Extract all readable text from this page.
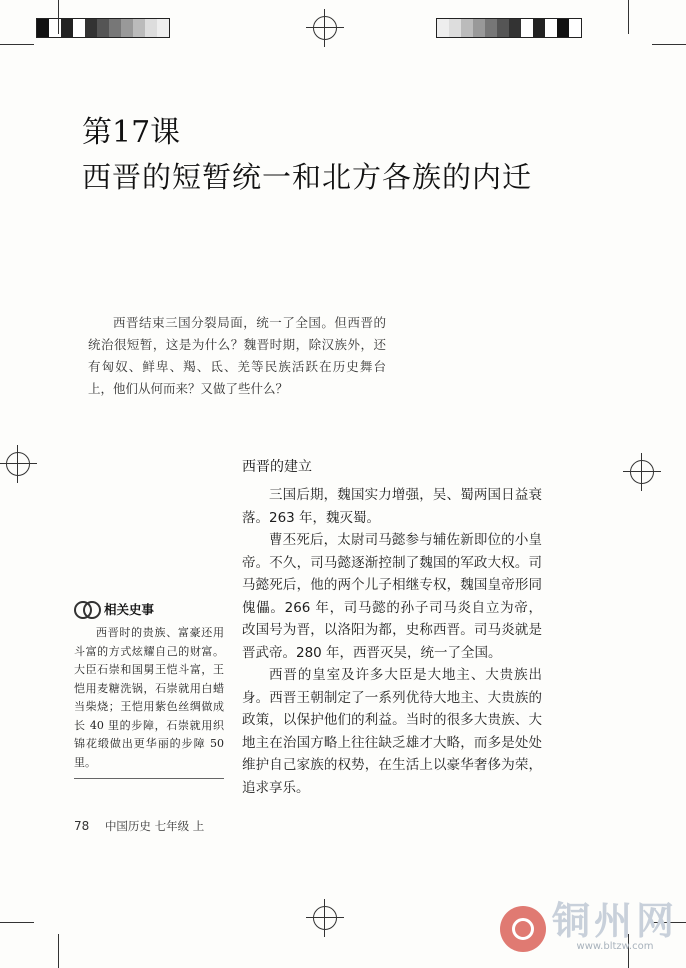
第17课
西晋的短暂统一和北方各族的内迁
西晋结束三国分裂局面，统一了全国。但西晋的统治很短暂，这是为什么？魏晋时期，除汉族外，还有匈奴、鲜卑、羯、氐、羌等民族活跃在历史舞台上，他们从何而来？又做了些什么？
西晋的建立

三国后期，魏国实力增强，吴、蜀两国日益衰落。263 年，魏灭蜀。

曹丕死后，太尉司马懿参与辅佐新即位的小皇帝。不久，司马懿逐渐控制了魏国的军政大权。司马懿死后，他的两个儿子相继专权，魏国皇帝形同傀儡。266 年，司马懿的孙子司马炎自立为帝，改国号为晋，以洛阳为都，史称西晋。司马炎就是晋武帝。280 年，西晋灭吴，统一了全国。

西晋的皇室及许多大臣是大地主、大贵族出身。西晋王朝制定了一系列优待大地主、大贵族的政策，以保护他们的利益。当时的很多大贵族、大地主在治国方略上往往缺乏雄才大略，而多是处处维护自己家族的权势，在生活上以豪华奢侈为荣，追求享乐。

相关史事
西晋时的贵族、富豪还用斗富的方式炫耀自己的财富。大臣石崇和国舅王恺斗富，王恺用麦糖洗锅，石崇就用白蜡当柴烧；王恺用紫色丝绸做成长 40 里的步障，石崇就用织锦花缎做出更华丽的步障 50 里。
78 中国历史 七年级 上
铜州网
www.bltzw.com
